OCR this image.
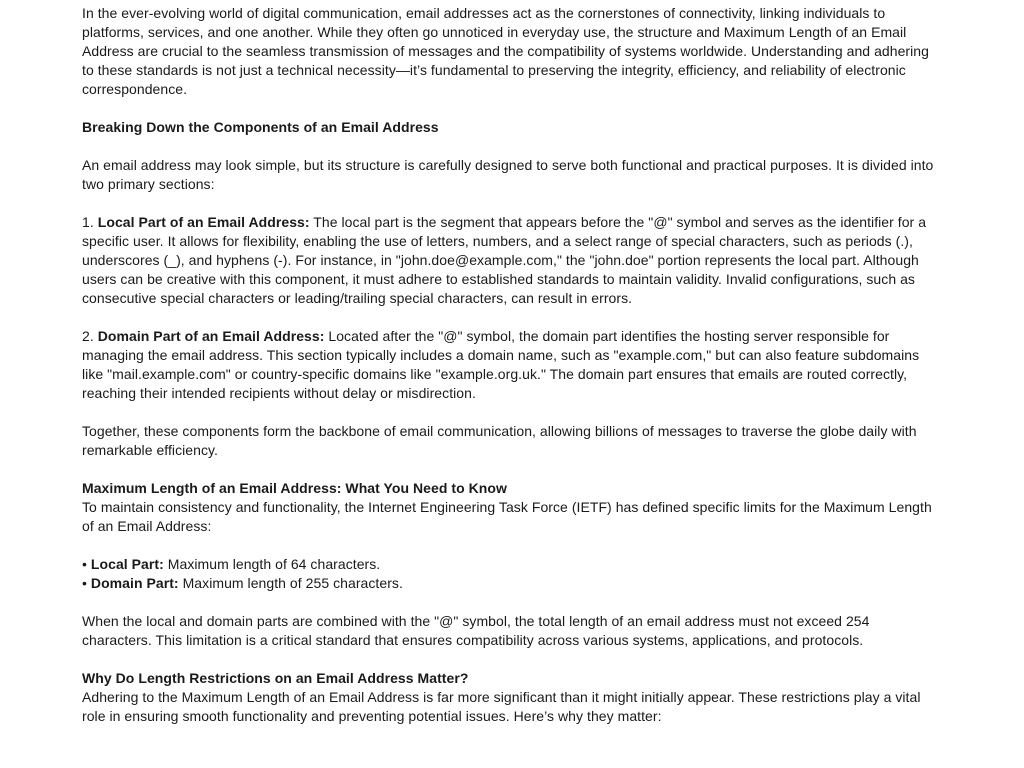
In the ever-evolving world of digital communication, email addresses act as the cornerstones of connectivity, linking individuals to platforms, services, and one another. While they often go unnoticed in everyday use, the structure and Maximum Length of an Email Address are crucial to the seamless transmission of messages and the compatibility of systems worldwide. Understanding and adhering to these standards is not just a technical necessity—it’s fundamental to preserving the integrity, efficiency, and reliability of electronic correspondence.

Breaking Down the Components of an Email Address

An email address may look simple, but its structure is carefully designed to serve both functional and practical purposes. It is divided into two primary sections:

1. Local Part of an Email Address: The local part is the segment that appears before the "@" symbol and serves as the identifier for a specific user. It allows for flexibility, enabling the use of letters, numbers, and a select range of special characters, such as periods (.), underscores (_), and hyphens (-). For instance, in "john.doe@example.com," the "john.doe" portion represents the local part. Although users can be creative with this component, it must adhere to established standards to maintain validity. Invalid configurations, such as consecutive special characters or leading/trailing special characters, can result in errors.

2. Domain Part of an Email Address: Located after the "@" symbol, the domain part identifies the hosting server responsible for managing the email address. This section typically includes a domain name, such as "example.com," but can also feature subdomains like "mail.example.com" or country-specific domains like "example.org.uk." The domain part ensures that emails are routed correctly, reaching their intended recipients without delay or misdirection.

Together, these components form the backbone of email communication, allowing billions of messages to traverse the globe daily with remarkable efficiency.

Maximum Length of an Email Address: What You Need to Know

To maintain consistency and functionality, the Internet Engineering Task Force (IETF) has defined specific limits for the Maximum Length of an Email Address:

• Local Part: Maximum length of 64 characters.

• Domain Part: Maximum length of 255 characters.

When the local and domain parts are combined with the "@" symbol, the total length of an email address must not exceed 254 characters. This limitation is a critical standard that ensures compatibility across various systems, applications, and protocols.

Why Do Length Restrictions on an Email Address Matter?

Adhering to the Maximum Length of an Email Address is far more significant than it might initially appear. These restrictions play a vital role in ensuring smooth functionality and preventing potential issues. Here’s why they matter:
